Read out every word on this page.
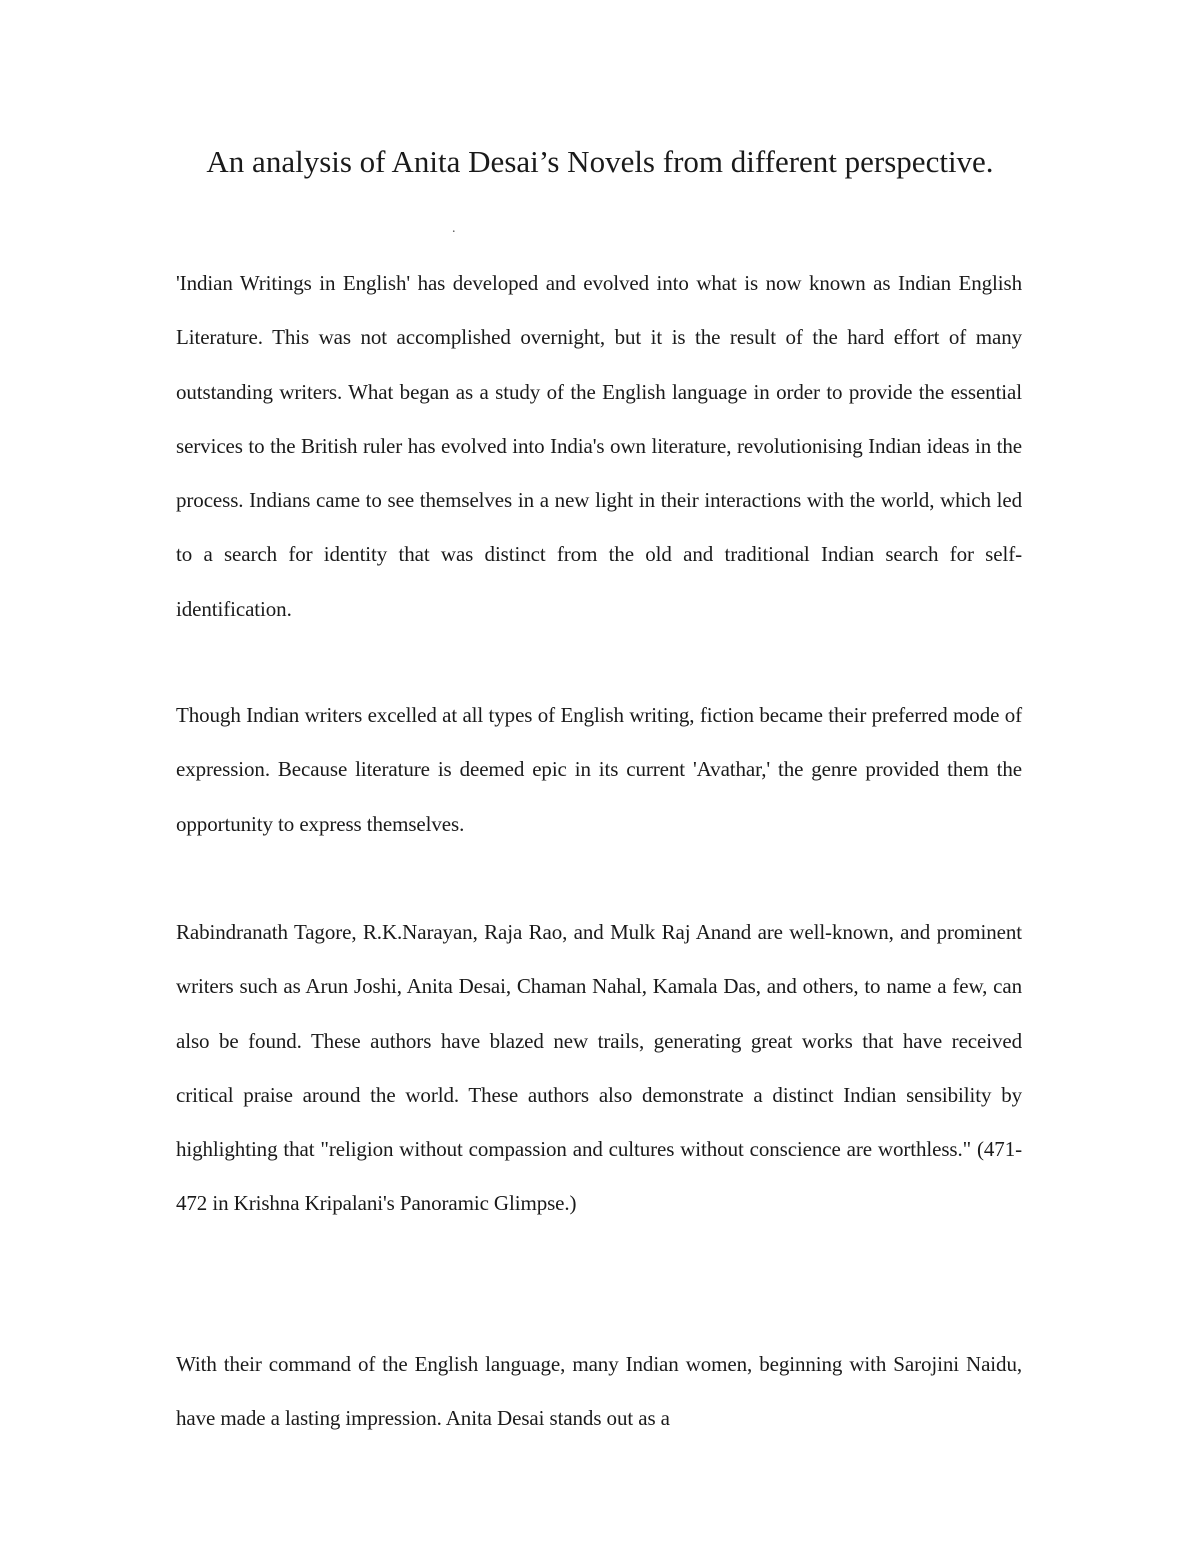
An analysis of Anita Desai’s Novels from different perspective.
.

'Indian Writings in English' has developed and evolved into what is now known as Indian English Literature. This was not accomplished overnight, but it is the result of the hard effort of many outstanding writers. What began as a study of the English language in order to provide the essential services to the British ruler has evolved into India's own literature, revolutionising Indian ideas in the process. Indians came to see themselves in a new light in their interactions with the world, which led to a search for identity that was distinct from the old and traditional Indian search for self-identification.

Though Indian writers excelled at all types of English writing, fiction became their preferred mode of expression. Because literature is deemed epic in its current 'Avathar,' the genre provided them the opportunity to express themselves.

Rabindranath Tagore, R.K.Narayan, Raja Rao, and Mulk Raj Anand are well-known, and prominent writers such as Arun Joshi, Anita Desai, Chaman Nahal, Kamala Das, and others, to name a few, can also be found. These authors have blazed new trails, generating great works that have received critical praise around the world. These authors also demonstrate a distinct Indian sensibility by highlighting that "religion without compassion and cultures without conscience are worthless." (471-472 in Krishna Kripalani's Panoramic Glimpse.)

With their command of the English language, many Indian women, beginning with Sarojini Naidu, have made a lasting impression. Anita Desai stands out as a
